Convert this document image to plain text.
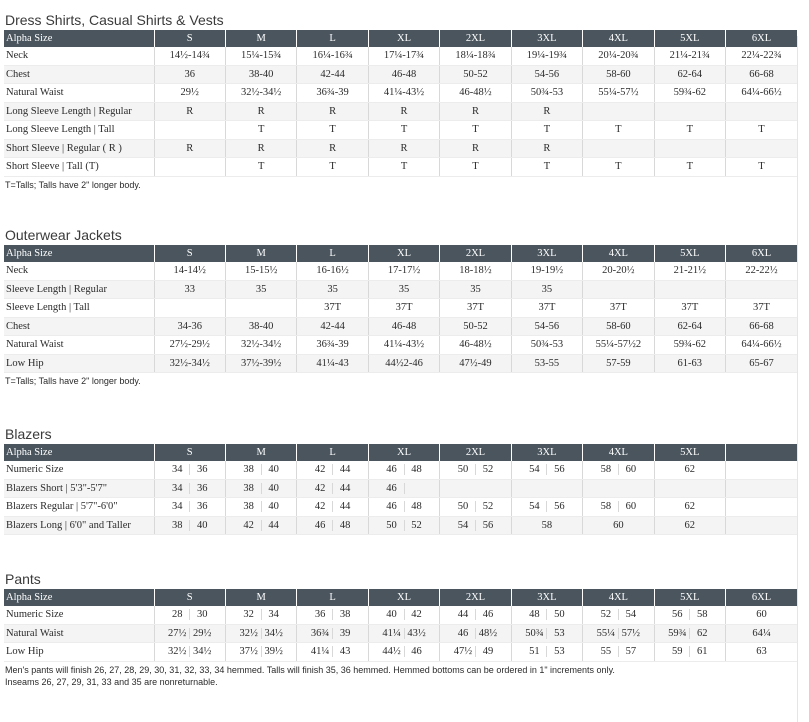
Dress Shirts, Casual Shirts & Vests
Alpha Size	S	M	L	XL	2XL	3XL	4XL	5XL	6XL
Neck	14½-14¾	15¼-15¾	16¼-16¾	17¼-17¾	18¼-18¾	19¼-19¾	20¼-20¾	21¼-21¾	22¼-22¾
Chest	36	38-40	42-44	46-48	50-52	54-56	58-60	62-64	66-68
Natural Waist	29½	32½-34½	36¾-39	41¼-43½	46-48½	50¾-53	55¼-57½	59¾-62	64¼-66½
Long Sleeve Length | Regular	R	R	R	R	R	R			
Long Sleeve Length | Tall		T	T	T	T	T	T	T	T
Short Sleeve | Regular ( R )	R	R	R	R	R	R			
Short Sleeve | Tall (T)		T	T	T	T	T	T	T	T
T=Talls; Talls have 2" longer body.
Outerwear Jackets
Alpha Size	S	M	L	XL	2XL	3XL	4XL	5XL	6XL
Neck	14-14½	15-15½	16-16½	17-17½	18-18½	19-19½	20-20½	21-21½	22-22½
Sleeve Length | Regular	33	35	35	35	35	35			
Sleeve Length | Tall			37T	37T	37T	37T	37T	37T	37T
Chest	34-36	38-40	42-44	46-48	50-52	54-56	58-60	62-64	66-68
Natural Waist	27½-29½	32½-34½	36¾-39	41¼-43½	46-48½	50¾-53	55¼-57½2	59¾-62	64¼-66½
Low Hip	32½-34½	37½-39½	41¼-43	44½2-46	47½-49	53-55	57-59	61-63	65-67
T=Talls; Talls have 2" longer body.
Blazers
Alpha Size	S	M	L	XL	2XL	3XL	4XL	5XL	
Numeric Size	34 36	38 40	42 44	46 48	50 52	54 56	58 60	62	
Blazers Short | 5'3"-5'7"	34 36	38 40	42 44	46					

Blazers Regular | 5'7"-6'0"	34 36	38 40	42 44	46 48	50 52	54 56	58 60	62	
Blazers Long | 6'0" and Taller	38 40	42 44	46 48	50 52	54 56	58	60	62	
Pants
Alpha Size	S	M	L	XL	2XL	3XL	4XL	5XL	6XL
Numeric Size	28 30	32 34	36 38	40 42	44 46	48 50	52 54	56 58	60
Natural Waist	27½ 29½	32½ 34½	36¾ 39	41¼ 43½	46 48½	50¾ 53	55¼ 57½	59¾ 62	64¼
Low Hip	32½ 34½	37½ 39½	41¼ 43	44½ 46	47½ 49	51 53	55 57	59 61	63
Men's pants will finish 26, 27, 28, 29, 30, 31, 32, 33, 34 hemmed. Talls will finish 35, 36 hemmed. Hemmed bottoms can be ordered in 1" increments only.
Inseams 26, 27, 29, 31, 33 and 35 are nonreturnable.
